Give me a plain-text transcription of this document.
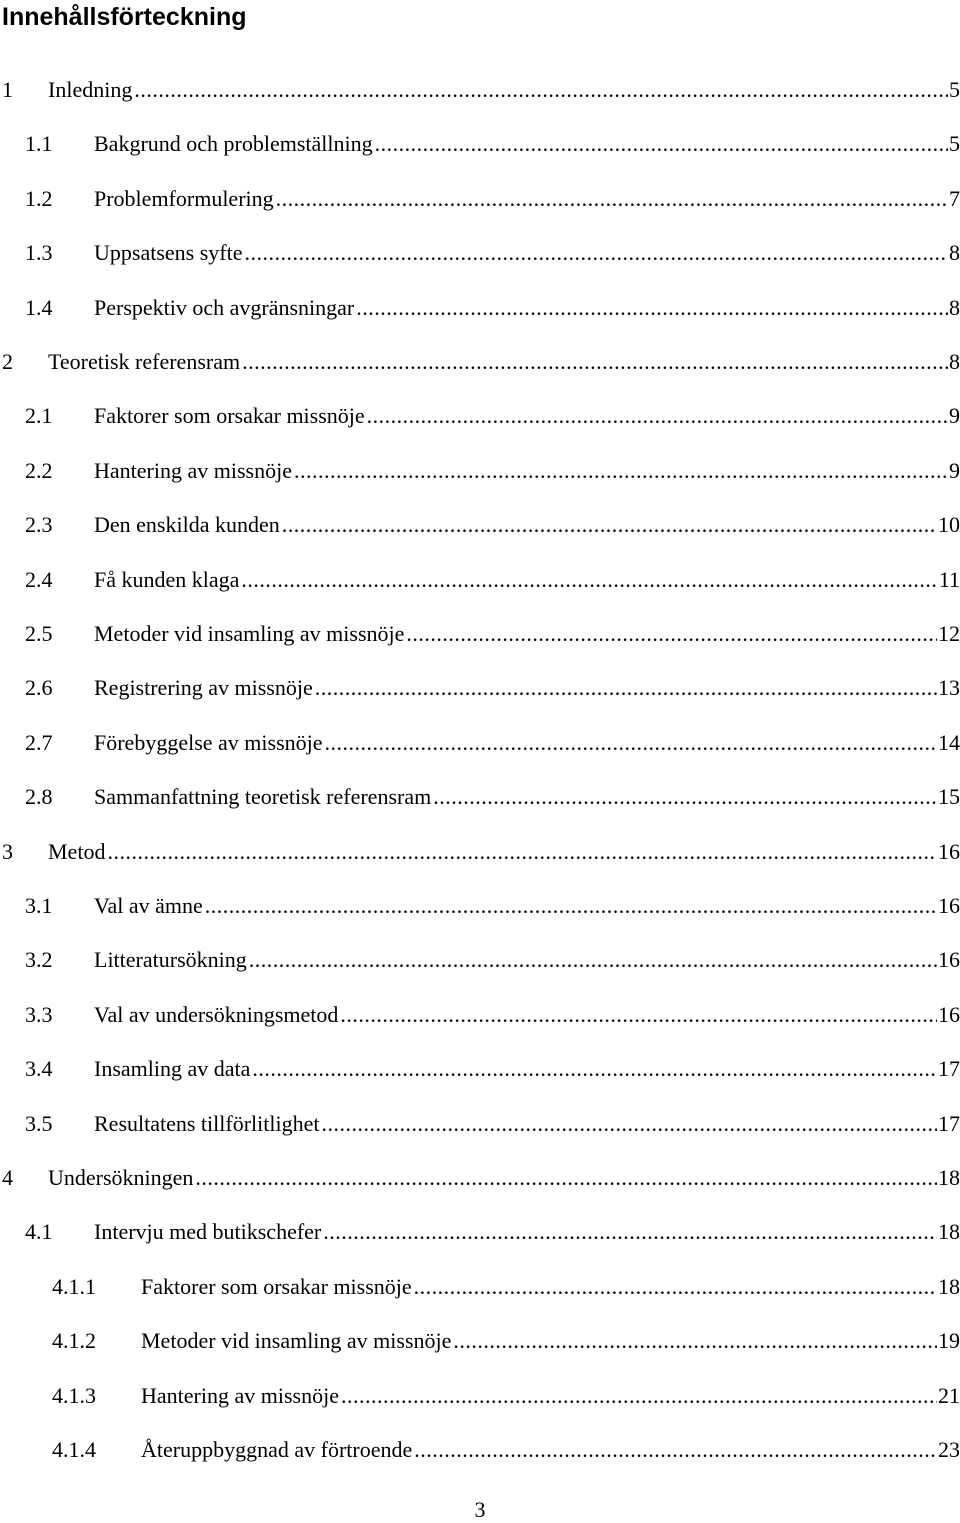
Innehållsförteckning
1 Inledning .....	5
1.1 Bakgrund och problemställning .....	5
1.2 Problemformulering .....	7
1.3 Uppsatsens syfte .....	8
1.4 Perspektiv och avgränsningar .....	8
2 Teoretisk referensram .....	8
2.1 Faktorer som orsakar missnöje .....	9
2.2 Hantering av missnöje .....	9
2.3 Den enskilda kunden .....	10
2.4 Få kunden klaga .....	11
2.5 Metoder vid insamling av missnöje .....	12
2.6 Registrering av missnöje .....	13
2.7 Förebyggelse av missnöje .....	14
2.8 Sammanfattning teoretisk referensram .....	15
3 Metod .....	16
3.1 Val av ämne .....	16
3.2 Litteratursökning .....	16
3.3 Val av undersökningsmetod .....	16
3.4 Insamling av data .....	17
3.5 Resultatens tillförlitlighet .....	17
4 Undersökningen .....	18
4.1 Intervju med butikschefer .....	18
4.1.1 Faktorer som orsakar missnöje .....	18
4.1.2 Metoder vid insamling av missnöje .....	19
4.1.3 Hantering av missnöje .....	21
4.1.4 Återuppbyggnad av förtroende .....	23
3
